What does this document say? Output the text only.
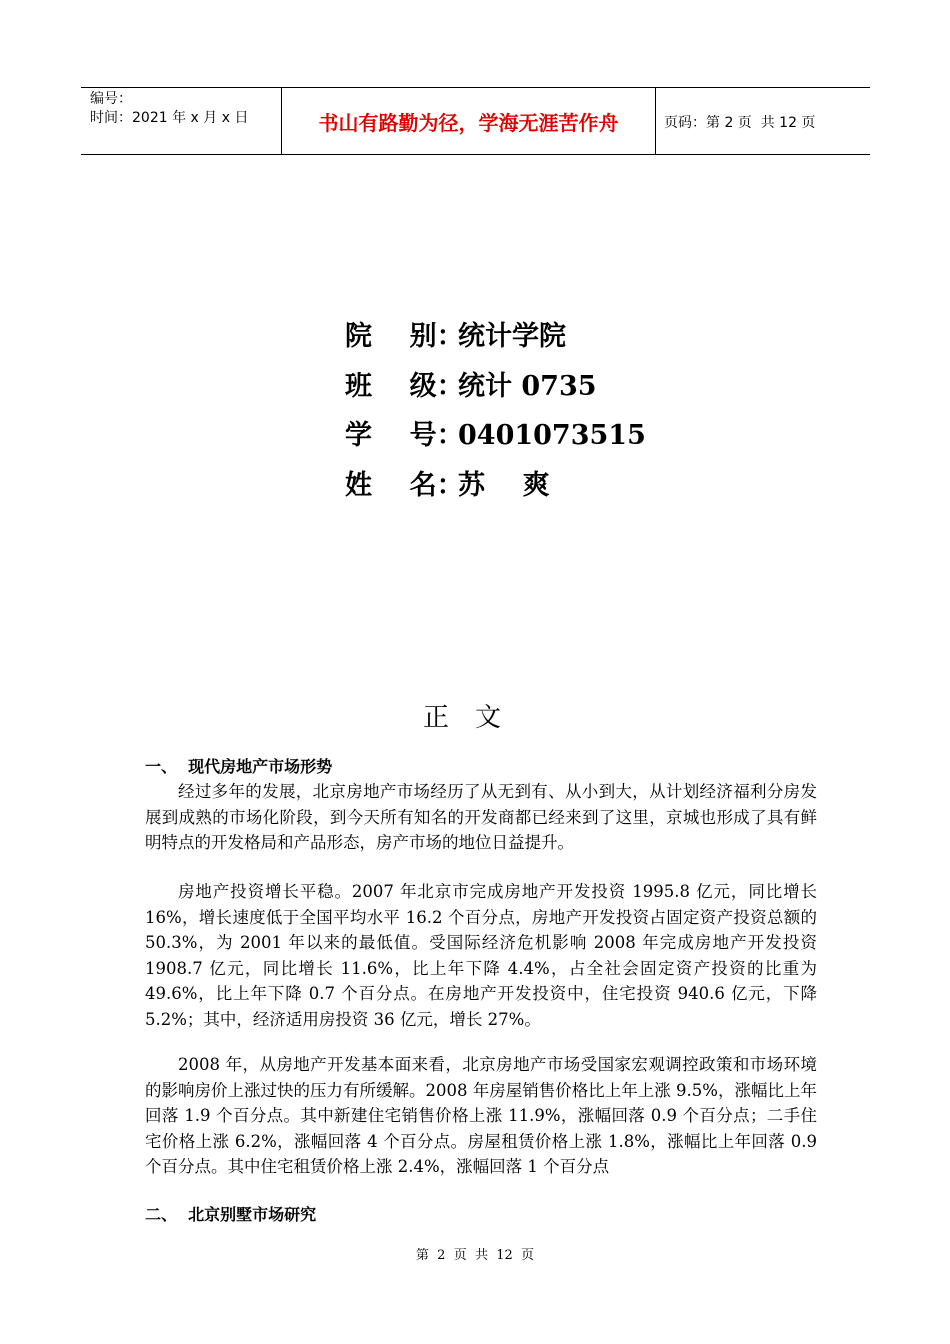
编号：
时间：2021 年 x 月 x 日	书山有路勤为径，学海无涯苦作舟	页码：第 2 页  共 12 页
院    别：
统计学院
班    级：
统计 0735
学    号：
0401073515
姓    名：
苏    爽
正文
一、  现代房地产市场形势

经过多年的发展，北京房地产市场经历了从无到有、从小到大，从计划经济福利分房发展到成熟的市场化阶段，到今天所有知名的开发商都已经来到了这里，京城也形成了具有鲜明特点的开发格局和产品形态，房产市场的地位日益提升。

房地产投资增长平稳。2007 年北京市完成房地产开发投资 1995.8 亿元，同比增长 16%，增长速度低于全国平均水平 16.2 个百分点，房地产开发投资占固定资产投资总额的 50.3%，为 2001 年以来的最低值。受国际经济危机影响 2008 年完成房地产开发投资 1908.7 亿元，同比增长 11.6%，比上年下降 4.4%，占全社会固定资产投资的比重为 49.6%，比上年下降 0.7 个百分点。在房地产开发投资中，住宅投资 940.6 亿元，下降 5.2%；其中，经济适用房投资 36 亿元，增长 27%。

2008 年，从房地产开发基本面来看，北京房地产市场受国家宏观调控政策和市场环境的影响房价上涨过快的压力有所缓解。2008 年房屋销售价格比上年上涨 9.5%，涨幅比上年回落 1.9 个百分点。其中新建住宅销售价格上涨 11.9%，涨幅回落 0.9 个百分点；二手住宅价格上涨 6.2%，涨幅回落 4 个百分点。房屋租赁价格上涨 1.8%，涨幅比上年回落 0.9 个百分点。其中住宅租赁价格上涨 2.4%，涨幅回落 1 个百分点

二、  北京别墅市场研究
第  2  页  共  12  页
